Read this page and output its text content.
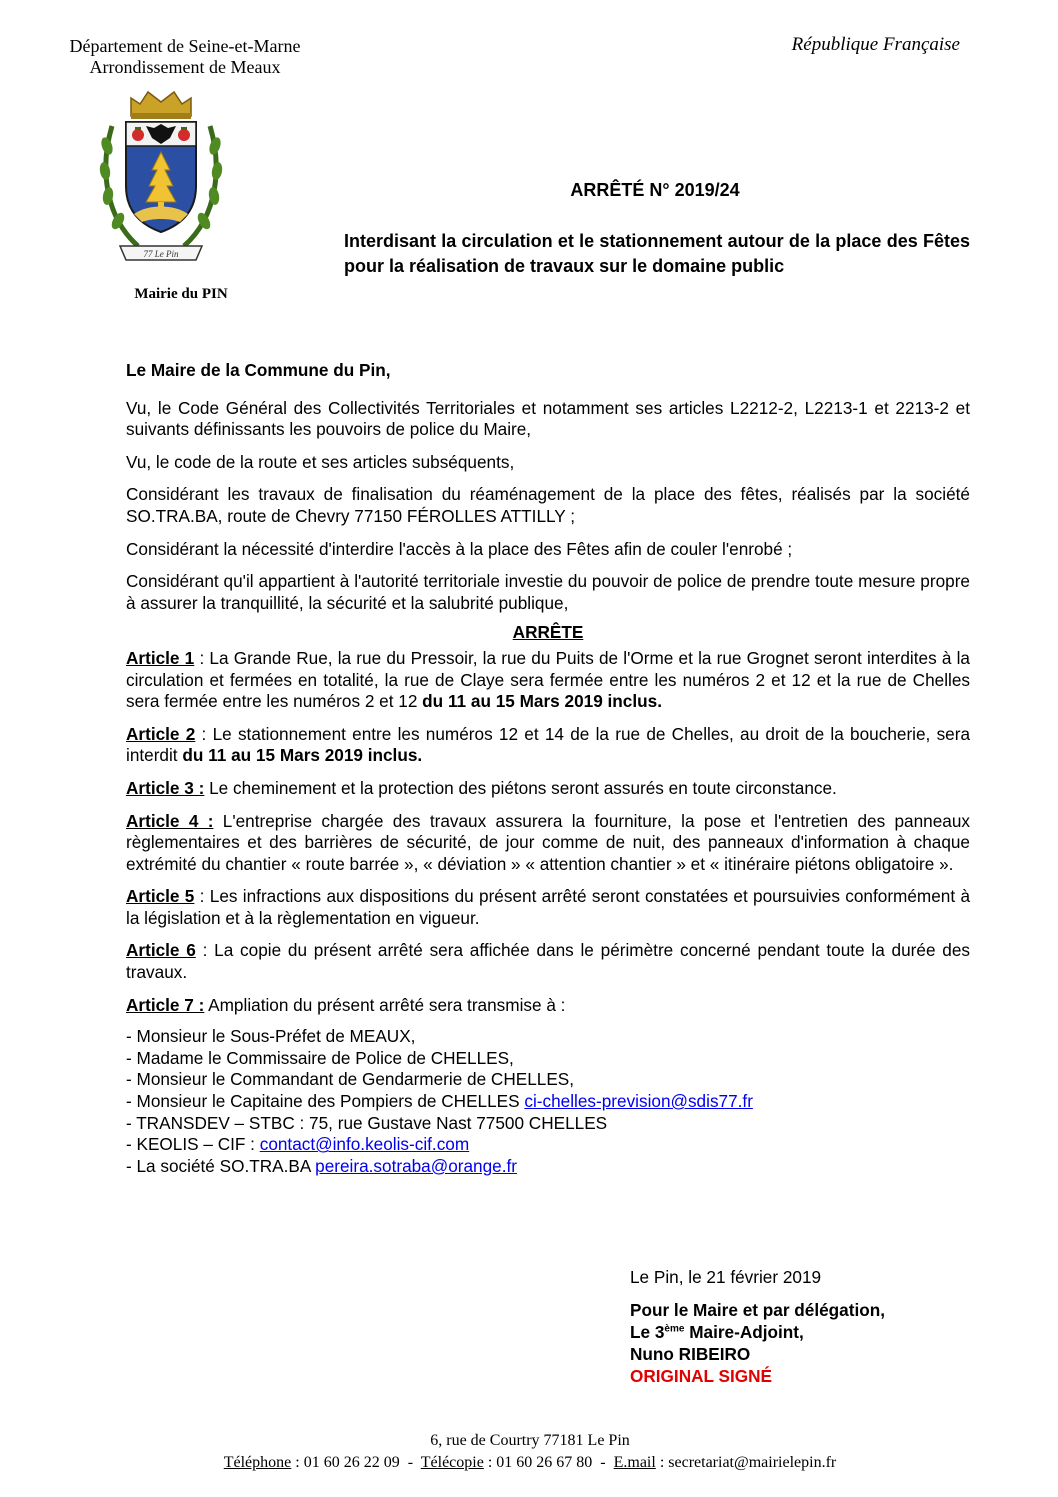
Département de Seine-et-Marne
Arrondissement de Meaux
République Française
77 Le Pin
Mairie du PIN
ARRÊTÉ N° 2019/24
Interdisant la circulation et le stationnement autour de la place des Fêtes pour la réalisation de travaux sur le domaine public

Le Maire de la Commune du Pin,

Vu, le Code Général des Collectivités Territoriales et notamment ses articles L2212-2, L2213-1 et 2213-2 et suivants définissants les pouvoirs de police du Maire,

Vu, le code de la route et ses articles subséquents,

Considérant les travaux de finalisation du réaménagement de la place des fêtes, réalisés par la société SO.TRA.BA, route de Chevry 77150 FÉROLLES ATTILLY ;

Considérant la nécessité d'interdire l'accès à la place des Fêtes afin de couler l'enrobé ;

Considérant qu'il appartient à l'autorité territoriale investie du pouvoir de police de prendre toute mesure propre à assurer la tranquillité, la sécurité et la salubrité publique,

ARRÊTE

Article 1 : La Grande Rue, la rue du Pressoir, la rue du Puits de l'Orme et la rue Grognet seront interdites à la circulation et fermées en totalité, la rue de Claye sera fermée entre les numéros 2 et 12 et la rue de Chelles sera fermée entre les numéros 2 et 12 du 11 au 15 Mars 2019 inclus.

Article 2 : Le stationnement entre les numéros 12 et 14 de la rue de Chelles, au droit de la boucherie, sera interdit du 11 au 15 Mars 2019 inclus.

Article 3 : Le cheminement et la protection des piétons seront assurés en toute circonstance.

Article 4 : L'entreprise chargée des travaux assurera la fourniture, la pose et l'entretien des panneaux règlementaires et des barrières de sécurité, de jour comme de nuit, des panneaux d'information à chaque extrémité du chantier « route barrée », « déviation » « attention chantier » et « itinéraire piétons obligatoire ».

Article 5 : Les infractions aux dispositions du présent arrêté seront constatées et poursuivies conformément à la législation et à la règlementation en vigueur.

Article 6 : La copie du présent arrêté sera affichée dans le périmètre concerné pendant toute la durée des travaux.

Article 7 : Ampliation du présent arrêté sera transmise à :

- Monsieur le Sous-Préfet de MEAUX,
- Madame le Commissaire de Police de CHELLES,
- Monsieur le Commandant de Gendarmerie de CHELLES,
- Monsieur le Capitaine des Pompiers de CHELLES ci-chelles-prevision@sdis77.fr
- TRANSDEV – STBC : 75, rue Gustave Nast 77500 CHELLES
- KEOLIS – CIF : contact@info.keolis-cif.com
- La société SO.TRA.BA pereira.sotraba@orange.fr
Le Pin, le 21 février 2019
Pour le Maire et par délégation,
Le 3ème Maire-Adjoint,
Nuno RIBEIRO
ORIGINAL SIGNÉ
6, rue de Courtry 77181 Le Pin
Téléphone : 01 60 26 22 09  -  Télécopie : 01 60 26 67 80  -  E.mail : secretariat@mairielepin.fr
